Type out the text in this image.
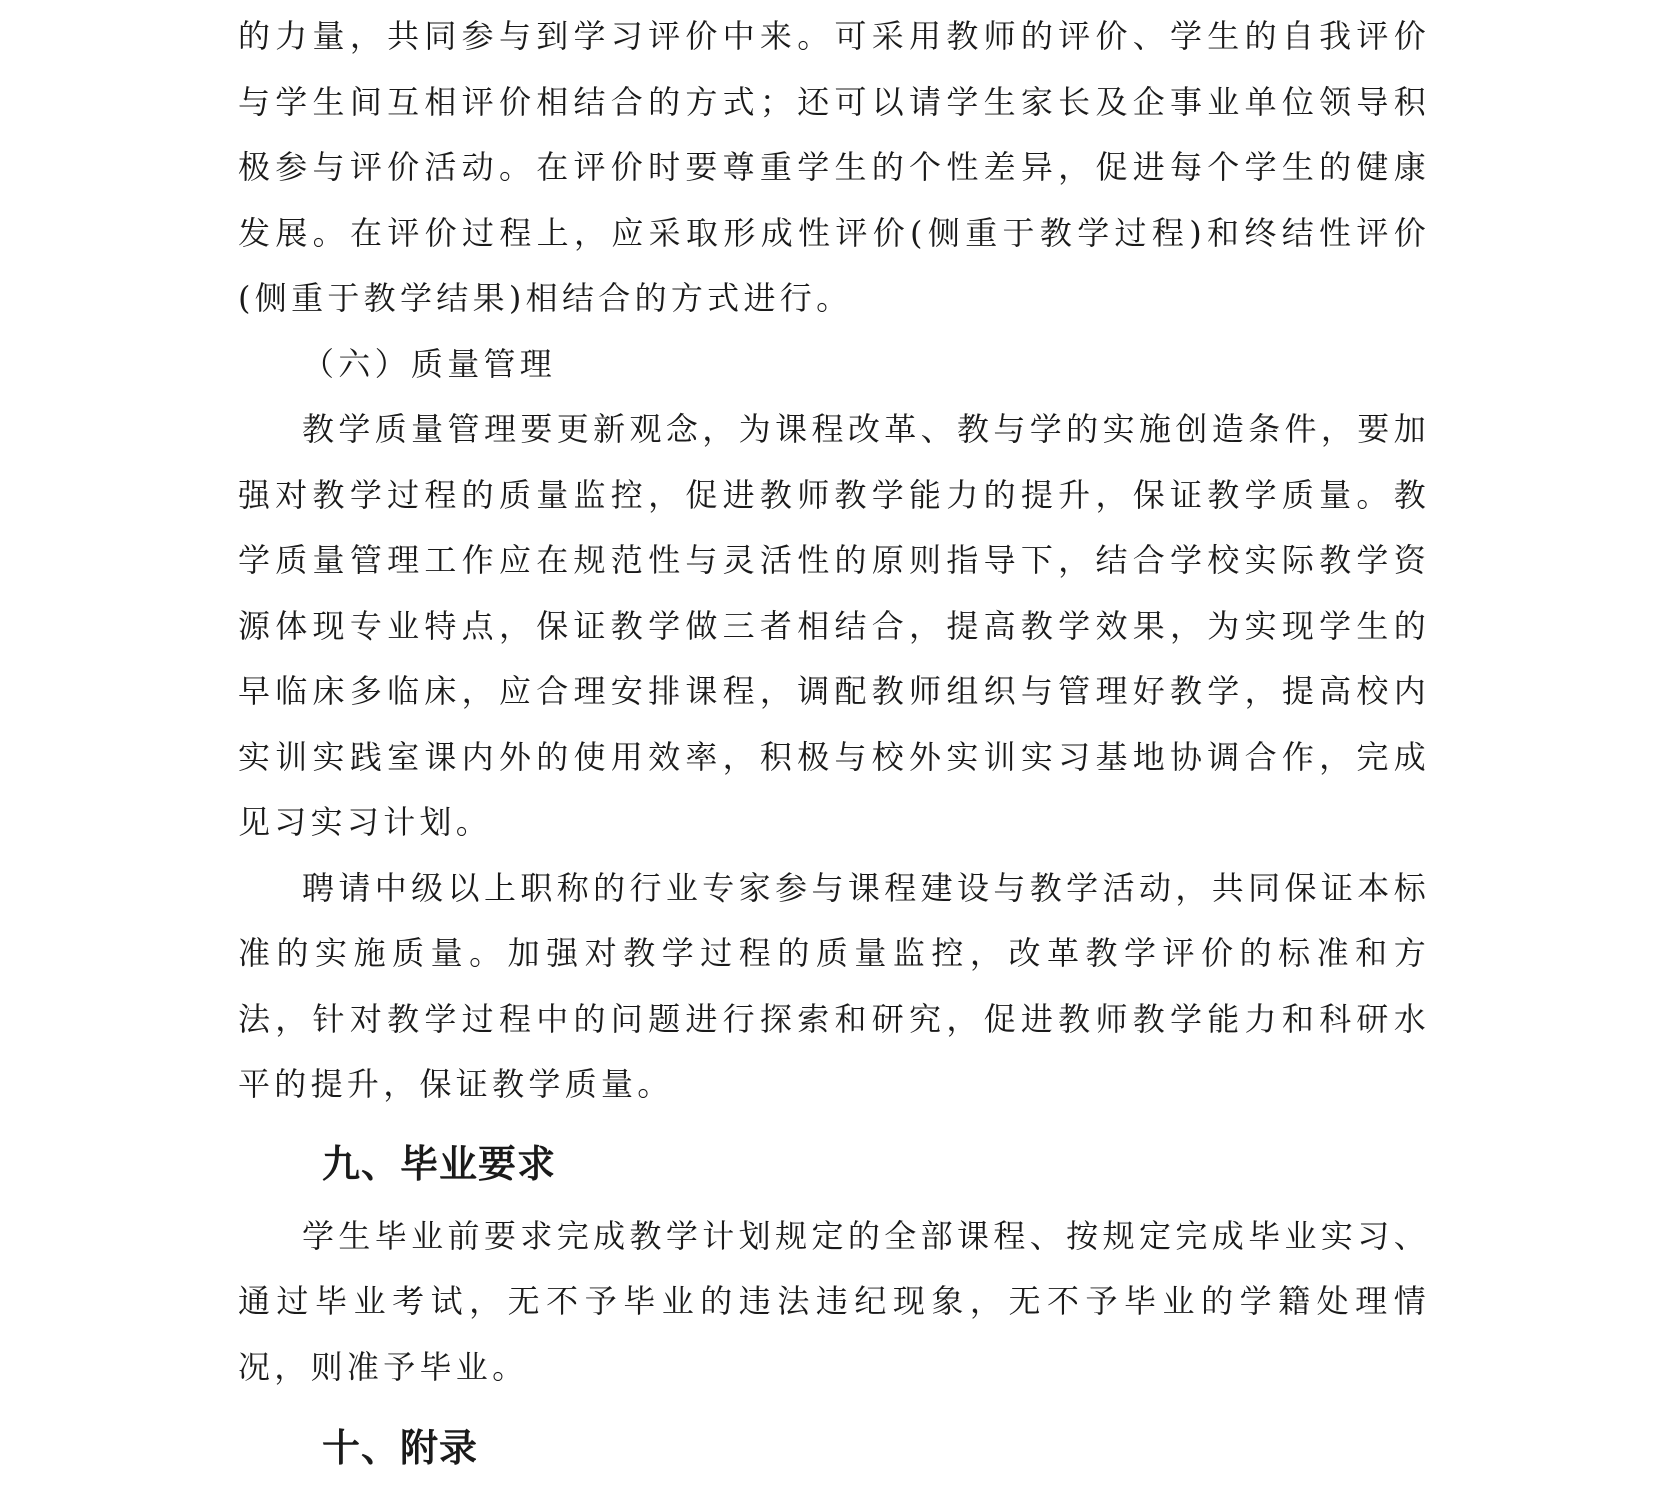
的力量，共同参与到学习评价中来。可采用教师的评价、学生的自我评价与学生间互相评价相结合的方式；还可以请学生家长及企事业单位领导积极参与评价活动。在评价时要尊重学生的个性差异，促进每个学生的健康发展。在评价过程上，应采取形成性评价(侧重于教学过程)和终结性评价(侧重于教学结果)相结合的方式进行。

（六）质量管理

教学质量管理要更新观念，为课程改革、教与学的实施创造条件，要加强对教学过程的质量监控，促进教师教学能力的提升，保证教学质量。教学质量管理工作应在规范性与灵活性的原则指导下，结合学校实际教学资源体现专业特点，保证教学做三者相结合，提高教学效果，为实现学生的早临床多临床，应合理安排课程，调配教师组织与管理好教学，提高校内实训实践室课内外的使用效率，积极与校外实训实习基地协调合作，完成见习实习计划。

聘请中级以上职称的行业专家参与课程建设与教学活动，共同保证本标准的实施质量。加强对教学过程的质量监控，改革教学评价的标准和方法，针对教学过程中的问题进行探索和研究，促进教师教学能力和科研水平的提升，保证教学质量。

九、毕业要求

学生毕业前要求完成教学计划规定的全部课程、按规定完成毕业实习、通过毕业考试，无不予毕业的违法违纪现象，无不予毕业的学籍处理情况，则准予毕业。

十、附录
